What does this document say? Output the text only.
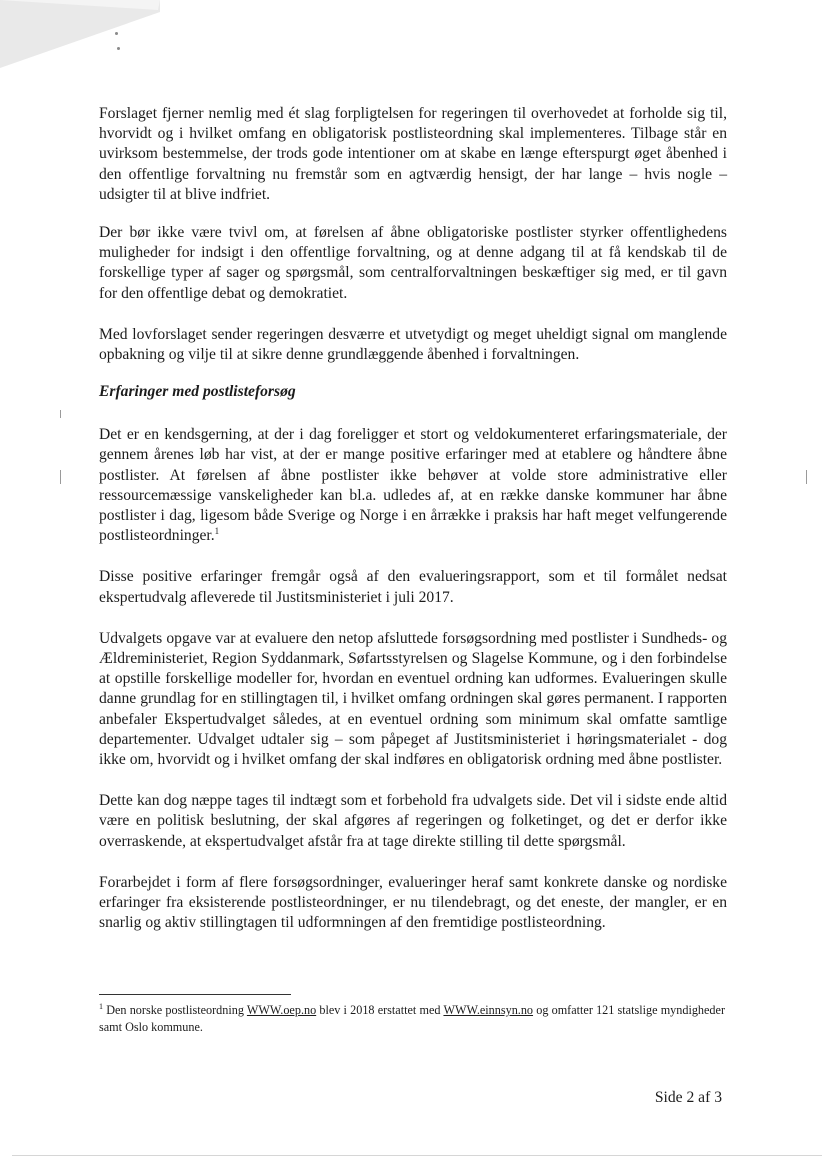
Forslaget fjerner nemlig med ét slag forpligtelsen for regeringen til overhovedet at forholde sig til, hvorvidt og i hvilket omfang en obligatorisk postlisteordning skal implementeres. Tilbage står en uvirksom bestemmelse, der trods gode intentioner om at skabe en længe efterspurgt øget åbenhed i den offentlige forvaltning nu fremstår som en agtværdig hensigt, der har lange – hvis nogle – udsigter til at blive indfriet.

Der bør ikke være tvivl om, at førelsen af åbne obligatoriske postlister styrker offentlighedens muligheder for indsigt i den offentlige forvaltning, og at denne adgang til at få kendskab til de forskellige typer af sager og spørgsmål, som centralforvaltningen beskæftiger sig med, er til gavn for den offentlige debat og demokratiet.

Med lovforslaget sender regeringen desværre et utvetydigt og meget uheldigt signal om manglende opbakning og vilje til at sikre denne grundlæggende åbenhed i forvaltningen.

Erfaringer med postlisteforsøg

Det er en kendsgerning, at der i dag foreligger et stort og veldokumenteret erfaringsmateriale, der gennem årenes løb har vist, at der er mange positive erfaringer med at etablere og håndtere åbne postlister. At førelsen af åbne postlister ikke behøver at volde store administrative eller ressourcemæssige vanskeligheder kan bl.a. udledes af, at en række danske kommuner har åbne postlister i dag, ligesom både Sverige og Norge i en årrække i praksis har haft meget velfungerende postlisteordninger.$^1$

Disse positive erfaringer fremgår også af den evalueringsrapport, som et til formålet nedsat ekspertudvalg afleverede til Justitsministeriet i juli 2017.

Udvalgets opgave var at evaluere den netop afsluttede forsøgsordning med postlister i Sundheds- og Ældreministeriet, Region Syddanmark, Søfartsstyrelsen og Slagelse Kommune, og i den forbindelse at opstille forskellige modeller for, hvordan en eventuel ordning kan udformes. Evalueringen skulle danne grundlag for en stillingtagen til, i hvilket omfang ordningen skal gøres permanent. I rapporten anbefaler Ekspertudvalget således, at en eventuel ordning som minimum skal omfatte samtlige departementer. Udvalget udtaler sig – som påpeget af Justitsministeriet i høringsmaterialet - dog ikke om, hvorvidt og i hvilket omfang der skal indføres en obligatorisk ordning med åbne postlister.

Dette kan dog næppe tages til indtægt som et forbehold fra udvalgets side. Det vil i sidste ende altid være en politisk beslutning, der skal afgøres af regeringen og folketinget, og det er derfor ikke overraskende, at ekspertudvalget afstår fra at tage direkte stilling til dette spørgsmål.

Forarbejdet i form af flere forsøgsordninger, evalueringer heraf samt konkrete danske og nordiske erfaringer fra eksisterende postlisteordninger, er nu tilendebragt, og det eneste, der mangler, er en snarlig og aktiv stillingtagen til udformningen af den fremtidige postlisteordning.

$^1$ Den norske postlisteordning WWW.oep.no blev i 2018 erstattet med WWW.einnsyn.no og omfatter 121 statslige myndigheder samt Oslo kommune.

Side 2 af 3
